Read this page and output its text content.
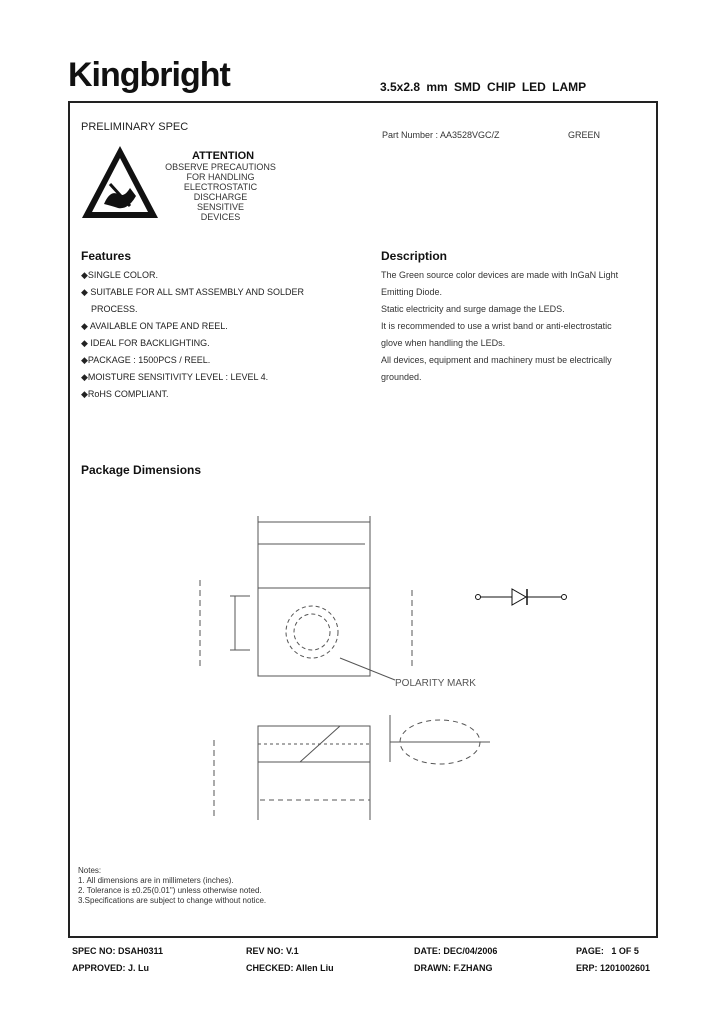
Kingbright	3.5x2.8 mm SMD CHIP LED LAMP
PRELIMINARY SPEC
Part Number : AA3528VGC/Z	GREEN
ATTENTION
OBSERVE PRECAUTIONS
FOR HANDLING
ELECTROSTATIC
DISCHARGE
SENSITIVE
DEVICES
Features
◆SINGLE COLOR.
◆ SUITABLE FOR ALL SMT ASSEMBLY AND SOLDER
PROCESS.
◆ AVAILABLE ON TAPE AND REEL.
◆ IDEAL FOR BACKLIGHTING.
◆PACKAGE : 1500PCS / REEL.
◆MOISTURE SENSITIVITY LEVEL : LEVEL 4.
◆RoHS COMPLIANT.
Description

The Green source color devices are made with InGaN Light

Emitting Diode.

Static electricity and surge damage the LEDS.

It is recommended to use a wrist band or anti-electrostatic

glove when handling the LEDs.

All devices, equipment and machinery must be electrically

grounded.

Package Dimensions
POLARITY MARK
Notes:
1. All dimensions are in millimeters (inches).
2. Tolerance is ±0.25(0.01") unless otherwise noted.
3.Specifications are subject to change without notice.
SPEC NO: DSAH0311	REV NO: V.1	DATE: DEC/04/2006	PAGE:   1 OF 5
APPROVED: J. Lu	CHECKED: Allen Liu	DRAWN: F.ZHANG	ERP: 1201002601
